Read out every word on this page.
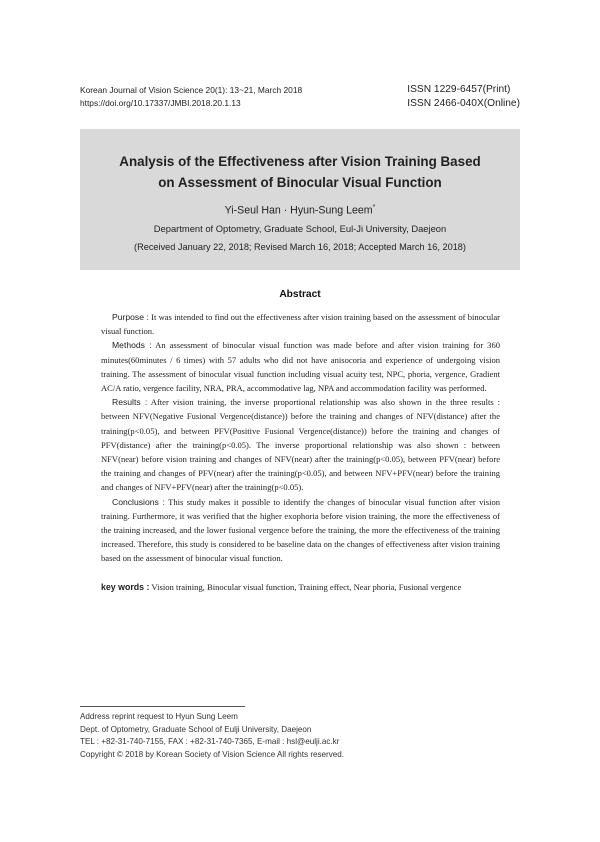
Korean Journal of Vision Science 20(1): 13~21, March 2018
https://doi.org/10.17337/JMBI.2018.20.1.13
ISSN 1229-6457(Print)
ISSN 2466-040X(Online)
Analysis of the Effectiveness after Vision Training Based
on Assessment of Binocular Visual Function
Yi-Seul Han · Hyun-Sung Leem*
Department of Optometry, Graduate School, Eul-Ji University, Daejeon
(Received January 22, 2018; Revised March 16, 2018; Accepted March 16, 2018)
Abstract

Purpose : It was intended to find out the effectiveness after vision training based on the assessment of binocular visual function.

Methods : An assessment of binocular visual function was made before and after vision training for 360 minutes(60minutes / 6 times) with 57 adults who did not have anisocoria and experience of undergoing vision training. The assessment of binocular visual function including visual acuity test, NPC, phoria, vergence, Gradient AC/A ratio, vergence facility, NRA, PRA, accommodative lag, NPA and accommodation facility was performed.

Results : After vision training, the inverse proportional relationship was also shown in the three results : between NFV(Negative Fusional Vergence(distance)) before the training and changes of NFV(distance) after the training(p<0.05), and between PFV(Positive Fusional Vergence(distance)) before the training and changes of PFV(distance) after the training(p<0.05). The inverse proportional relationship was also shown : between NFV(near) before vision training and changes of NFV(near) after the training(p<0.05), between PFV(near) before the training and changes of PFV(near) after the training(p<0.05), and between NFV+PFV(near) before the training and changes of NFV+PFV(near) after the training(p<0.05).

Conclusions : This study makes it possible to identify the changes of binocular visual function after vision training. Furthermore, it was verified that the higher exophoria before vision training, the more the effectiveness of the training increased, and the lower fusional vergence before the training, the more the effectiveness of the training increased. Therefore, this study is considered to be baseline data on the changes of effectiveness after vision training based on the assessment of binocular visual function.

key words : Vision training, Binocular visual function, Training effect, Near phoria, Fusional vergence
Address reprint request to Hyun Sung Leem
Dept. of Optometry, Graduate School of Eulji University, Daejeon
TEL : +82-31-740-7155, FAX : +82-31-740-7365, E-mail : hsl@eulji.ac.kr
Copyright © 2018 by Korean Society of Vision Science All rights reserved.
